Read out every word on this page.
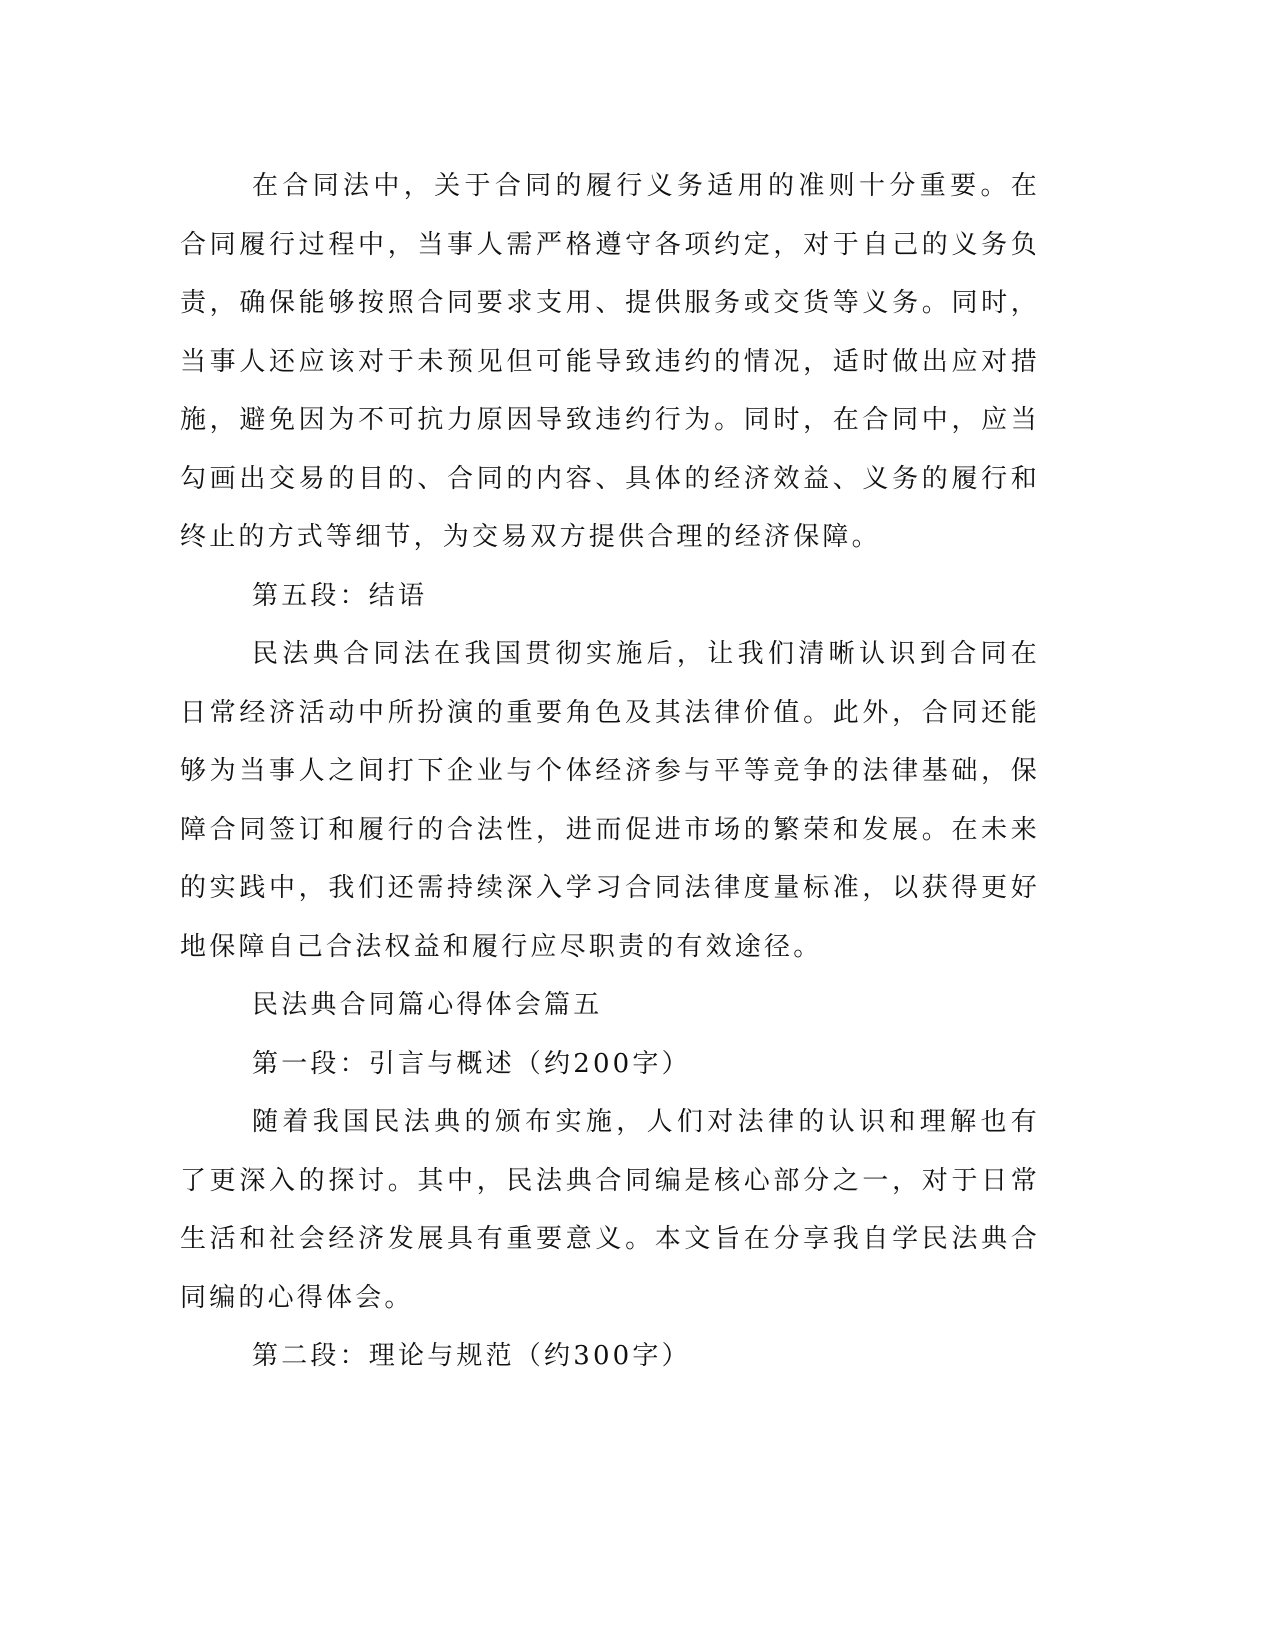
在合同法中，关于合同的履行义务适用的准则十分重要。在合同履行过程中，当事人需严格遵守各项约定，对于自己的义务负责，确保能够按照合同要求支用、提供服务或交货等义务。同时，当事人还应该对于未预见但可能导致违约的情况，适时做出应对措施，避免因为不可抗力原因导致违约行为。同时，在合同中，应当勾画出交易的目的、合同的内容、具体的经济效益、义务的履行和终止的方式等细节，为交易双方提供合理的经济保障。

第五段：结语

民法典合同法在我国贯彻实施后，让我们清晰认识到合同在日常经济活动中所扮演的重要角色及其法律价值。此外，合同还能够为当事人之间打下企业与个体经济参与平等竞争的法律基础，保障合同签订和履行的合法性，进而促进市场的繁荣和发展。在未来的实践中，我们还需持续深入学习合同法律度量标准，以获得更好地保障自己合法权益和履行应尽职责的有效途径。

民法典合同篇心得体会篇五

第一段：引言与概述（约200字）

随着我国民法典的颁布实施，人们对法律的认识和理解也有了更深入的探讨。其中，民法典合同编是核心部分之一，对于日常生活和社会经济发展具有重要意义。本文旨在分享我自学民法典合同编的心得体会。

第二段：理论与规范（约300字）
